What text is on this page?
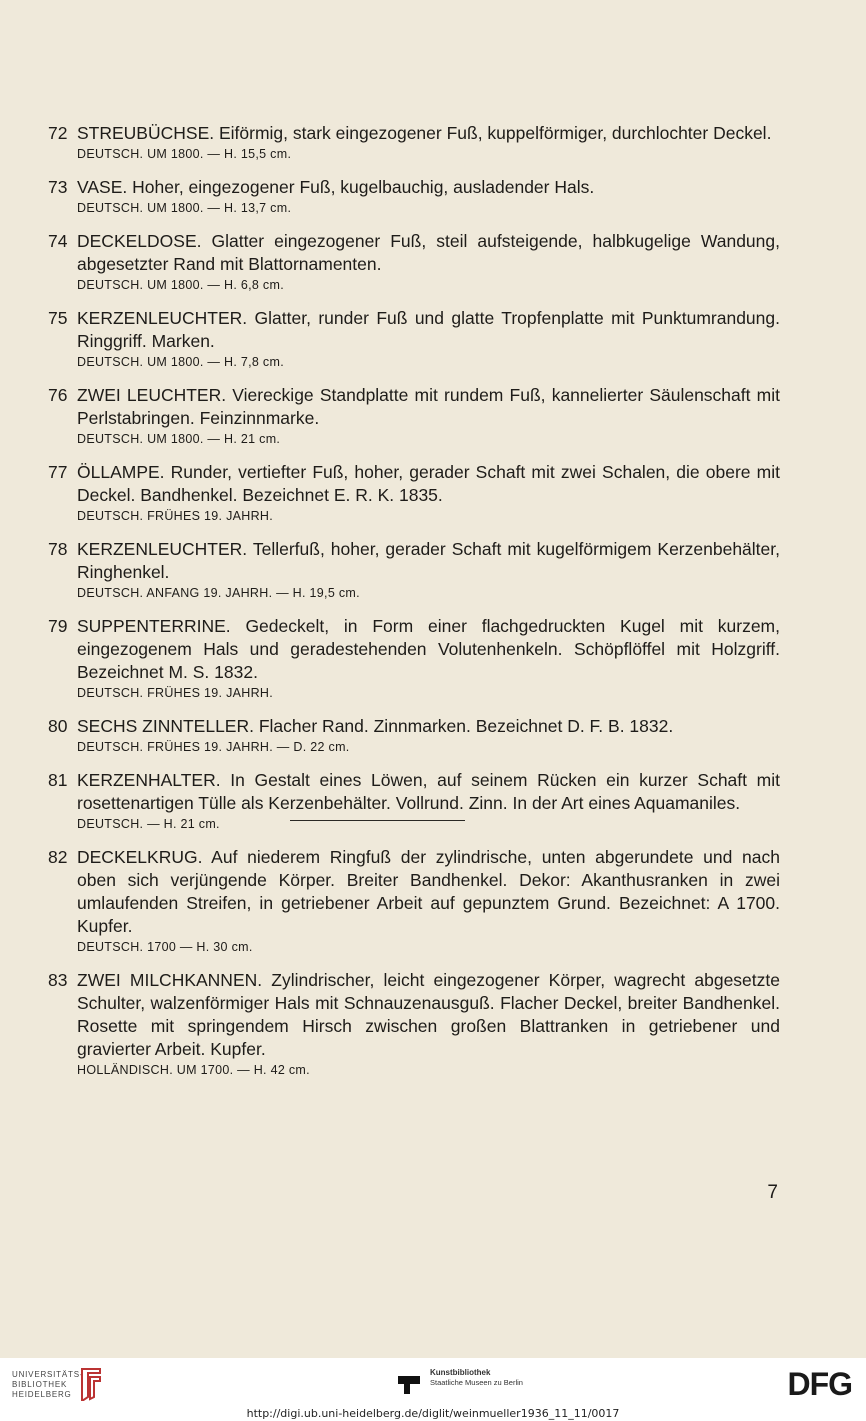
72 STREUBÜCHSE. Eiförmig, stark eingezogener Fuß, kuppelförmiger, durchlochter Deckel.

DEUTSCH. UM 1800. — H. 15,5 cm.
73 VASE. Hoher, eingezogener Fuß, kugelbauchig, ausladender Hals.

DEUTSCH. UM 1800. — H. 13,7 cm.
74 DECKELDOSE. Glatter eingezogener Fuß, steil aufsteigende, halbkugelige Wandung, abgesetzter Rand mit Blattornamenten.

DEUTSCH. UM 1800. — H. 6,8 cm.
75 KERZENLEUCHTER. Glatter, runder Fuß und glatte Tropfenplatte mit Punktumrandung. Ringgriff. Marken.

DEUTSCH. UM 1800. — H. 7,8 cm.
76 ZWEI LEUCHTER. Viereckige Standplatte mit rundem Fuß, kannelierter Säulenschaft mit Perlstabringen. Feinzinnmarke.

DEUTSCH. UM 1800. — H. 21 cm.
77 ÖLLAMPE. Runder, vertiefter Fuß, hoher, gerader Schaft mit zwei Schalen, die obere mit Deckel. Bandhenkel. Bezeichnet E. R. K. 1835.

DEUTSCH. FRÜHES 19. JAHRH.
78 KERZENLEUCHTER. Tellerfuß, hoher, gerader Schaft mit kugelförmigem Kerzenbehälter, Ringhenkel.

DEUTSCH. ANFANG 19. JAHRH. — H. 19,5 cm.
79 SUPPENTERRINE. Gedeckelt, in Form einer flachgedruckten Kugel mit kurzem, eingezogenem Hals und geradestehenden Volutenhenkeln. Schöpflöffel mit Holzgriff. Bezeichnet M. S. 1832.

DEUTSCH. FRÜHES 19. JAHRH.
80 SECHS ZINNTELLER. Flacher Rand. Zinnmarken. Bezeichnet D. F. B. 1832.

DEUTSCH. FRÜHES 19. JAHRH. — D. 22 cm.
81 KERZENHALTER. In Gestalt eines Löwen, auf seinem Rücken ein kurzer Schaft mit rosettenartigen Tülle als Kerzenbehälter. Vollrund. Zinn. In der Art eines Aquamaniles.

DEUTSCH. — H. 21 cm.
82 DECKELKRUG. Auf niederem Ringfuß der zylindrische, unten abgerundete und nach oben sich verjüngende Körper. Breiter Bandhenkel. Dekor: Akanthusranken in zwei umlaufenden Streifen, in getriebener Arbeit auf gepunztem Grund. Bezeichnet: A 1700. Kupfer.

DEUTSCH. 1700 — H. 30 cm.
83 ZWEI MILCHKANNEN. Zylindrischer, leicht eingezogener Körper, wagrecht abgesetzte Schulter, walzenförmiger Hals mit Schnauzenausguß. Flacher Deckel, breiter Bandhenkel. Rosette mit springendem Hirsch zwischen großen Blattranken in getriebener und gravierter Arbeit. Kupfer.

HOLLÄNDISCH. UM 1700. — H. 42 cm.
7
UNIVERSITÄTS-
BIBLIOTHEK
HEIDELBERG
Kunstbibliothek
Staatliche Museen zu Berlin	DFG
http://digi.ub.uni-heidelberg.de/diglit/weinmueller1936_11_11/0017
